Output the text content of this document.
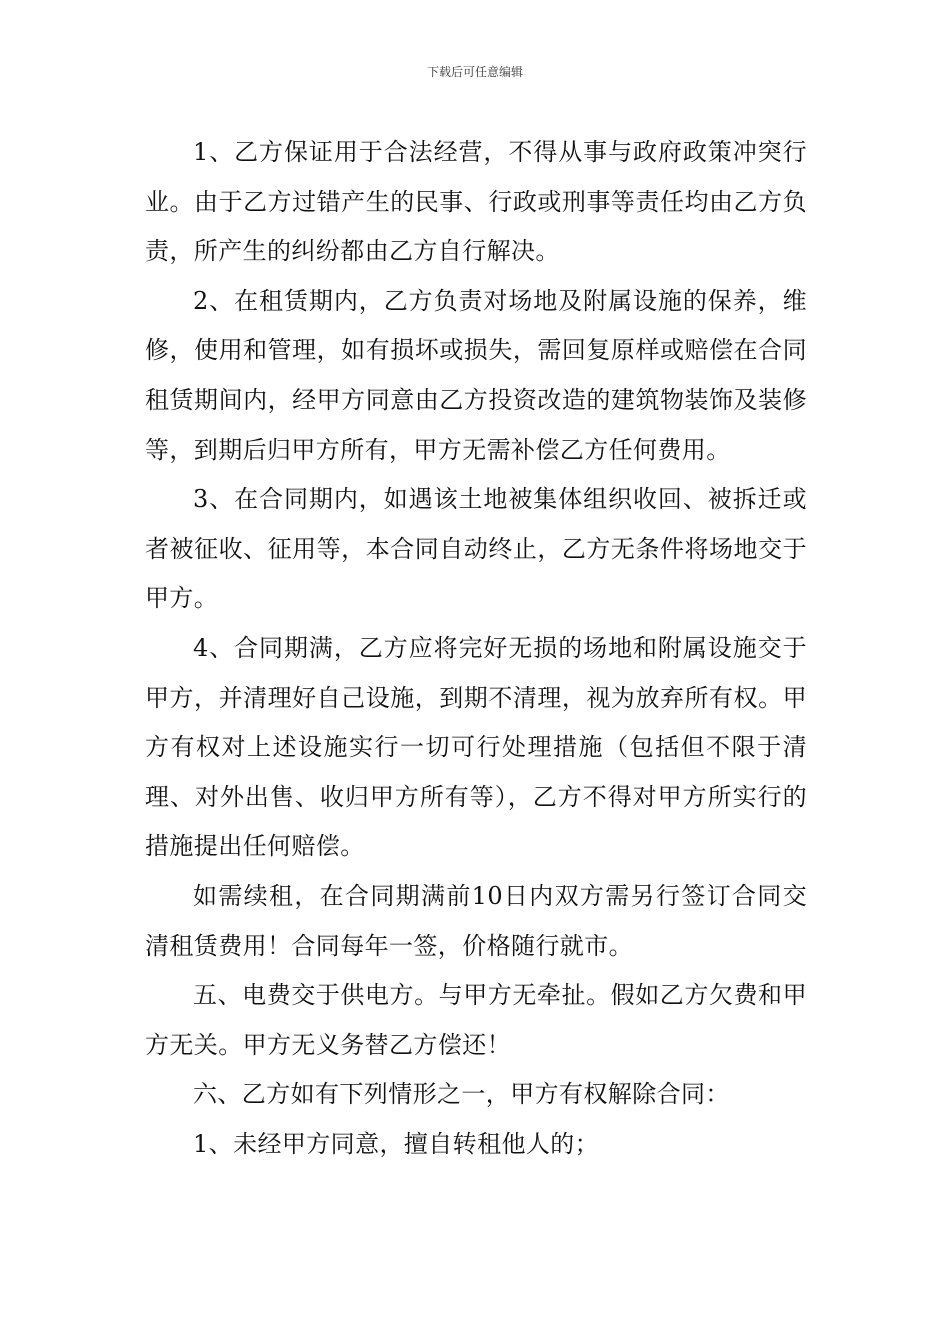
下载后可任意编辑

1、乙方保证用于合法经营，不得从事与政府政策冲突行业。由于乙方过错产生的民事、行政或刑事等责任均由乙方负责，所产生的纠纷都由乙方自行解决。

2、在租赁期内，乙方负责对场地及附属设施的保养，维修，使用和管理，如有损坏或损失，需回复原样或赔偿在合同租赁期间内，经甲方同意由乙方投资改造的建筑物装饰及装修等，到期后归甲方所有，甲方无需补偿乙方任何费用。

3、在合同期内，如遇该土地被集体组织收回、被拆迁或者被征收、征用等，本合同自动终止，乙方无条件将场地交于甲方。

4、合同期满，乙方应将完好无损的场地和附属设施交于甲方，并清理好自己设施，到期不清理，视为放弃所有权。甲方有权对上述设施实行一切可行处理措施（包括但不限于清理、对外出售、收归甲方所有等），乙方不得对甲方所实行的措施提出任何赔偿。

如需续租，在合同期满前10日内双方需另行签订合同交清租赁费用！合同每年一签，价格随行就市。

五、电费交于供电方。与甲方无牵扯。假如乙方欠费和甲方无关。甲方无义务替乙方偿还！

六、乙方如有下列情形之一，甲方有权解除合同：

1、未经甲方同意，擅自转租他人的；
